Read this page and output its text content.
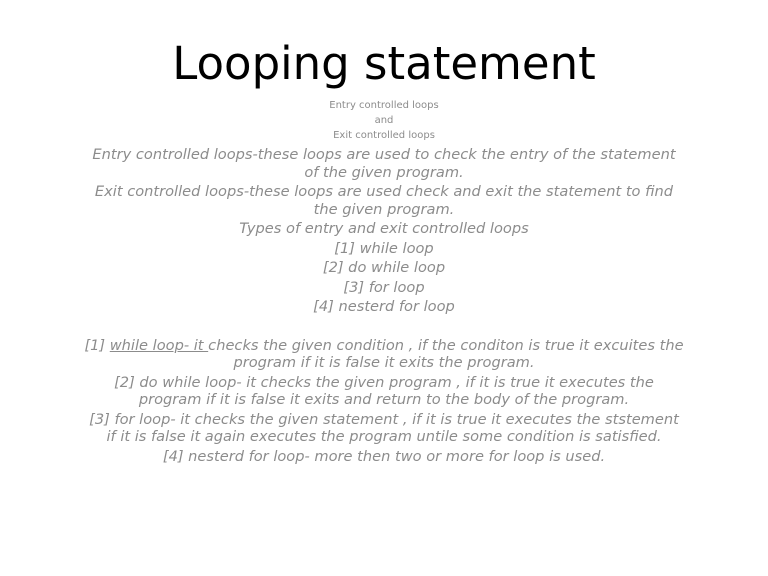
Looping statement
Entry controlled loops
and
Exit controlled loops
Entry controlled loops-these loops are used to check the entry of the statement of the given program.
Exit controlled loops-these loops are used check and exit the statement to find the given program.
Types of entry and exit controlled loops
[1] while loop
[2] do while loop
[3] for loop
[4] nesterd for loop
[1] while loop- it checks the given condition , if the conditon is true it excuites the program if it is false it exits the program.
[2] do while loop- it checks the given program , if it is true it executes the program if it is false it exits and return to the body of the program.
[3] for loop- it checks the given statement , if it is true it executes the ststement if it is false it again executes the program untile some condition is satisfied.
[4] nesterd for loop- more then two or more for loop is used.
